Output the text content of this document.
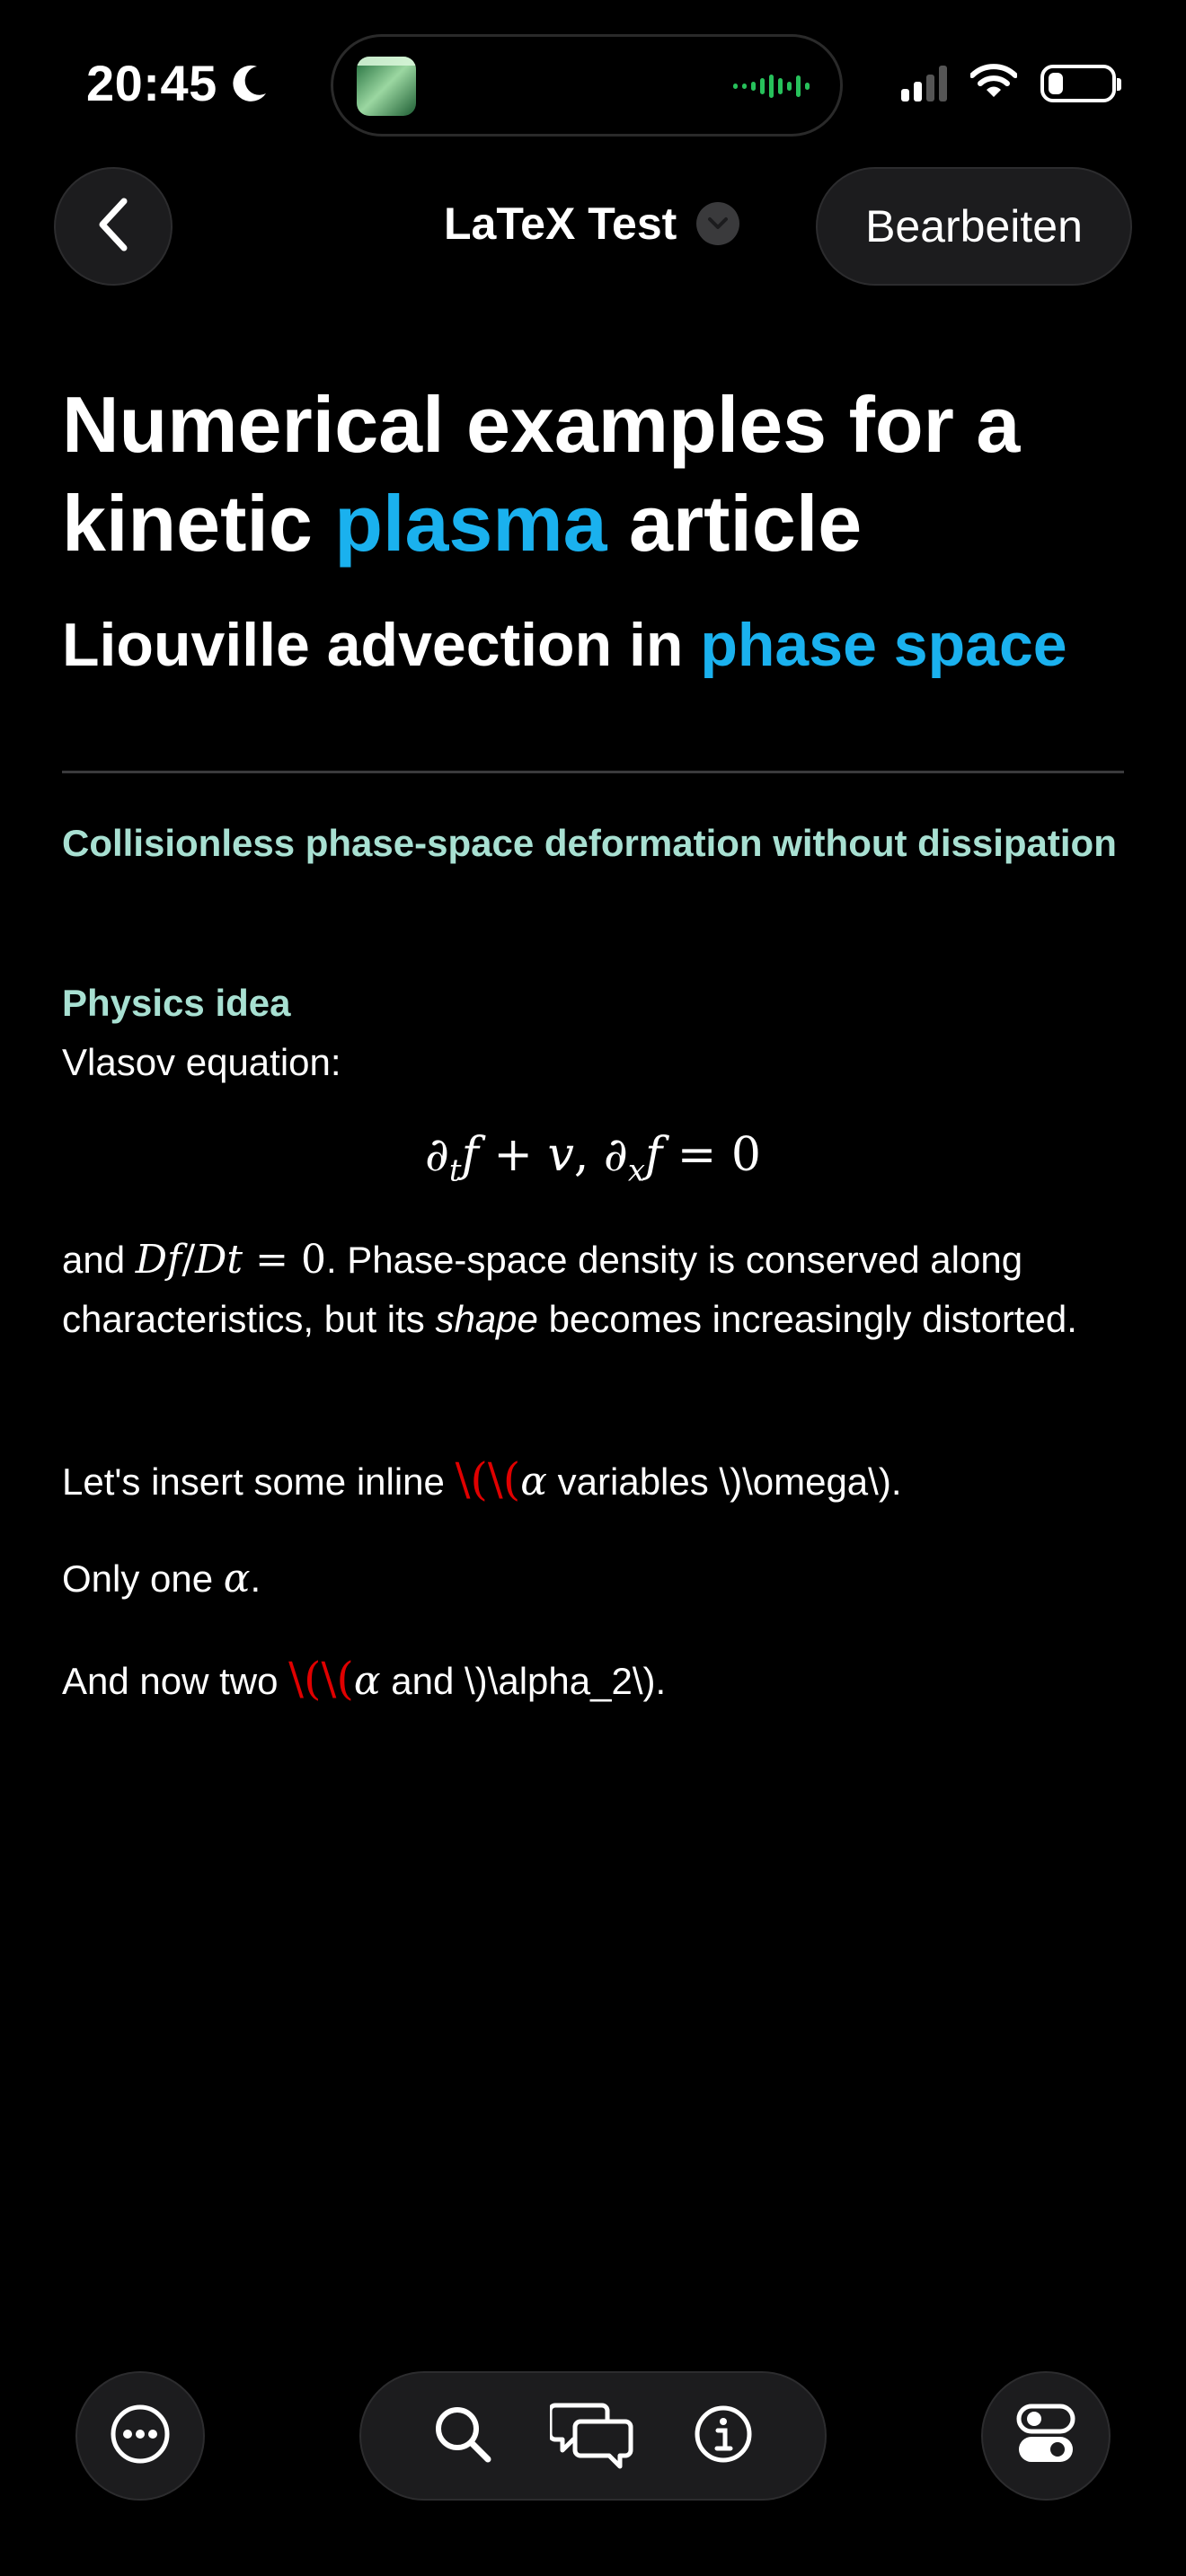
20:45
LaTeX Test	Bearbeiten
Numerical examples for a kinetic plasma article
Liouville advection in phase space
Collisionless phase-space deformation without dissipation
Physics idea

Vlasov equation:

$\partial_tf + v$, $\partial_xf = 0$

and Df/Dt = 0. Phase-space density is conserved along characteristics, but its shape becomes increasingly distorted.

Let's insert some inline \(\(α variables \)\omega\).

Only one α.

And now two \(\(α and \)\alpha_2\).
